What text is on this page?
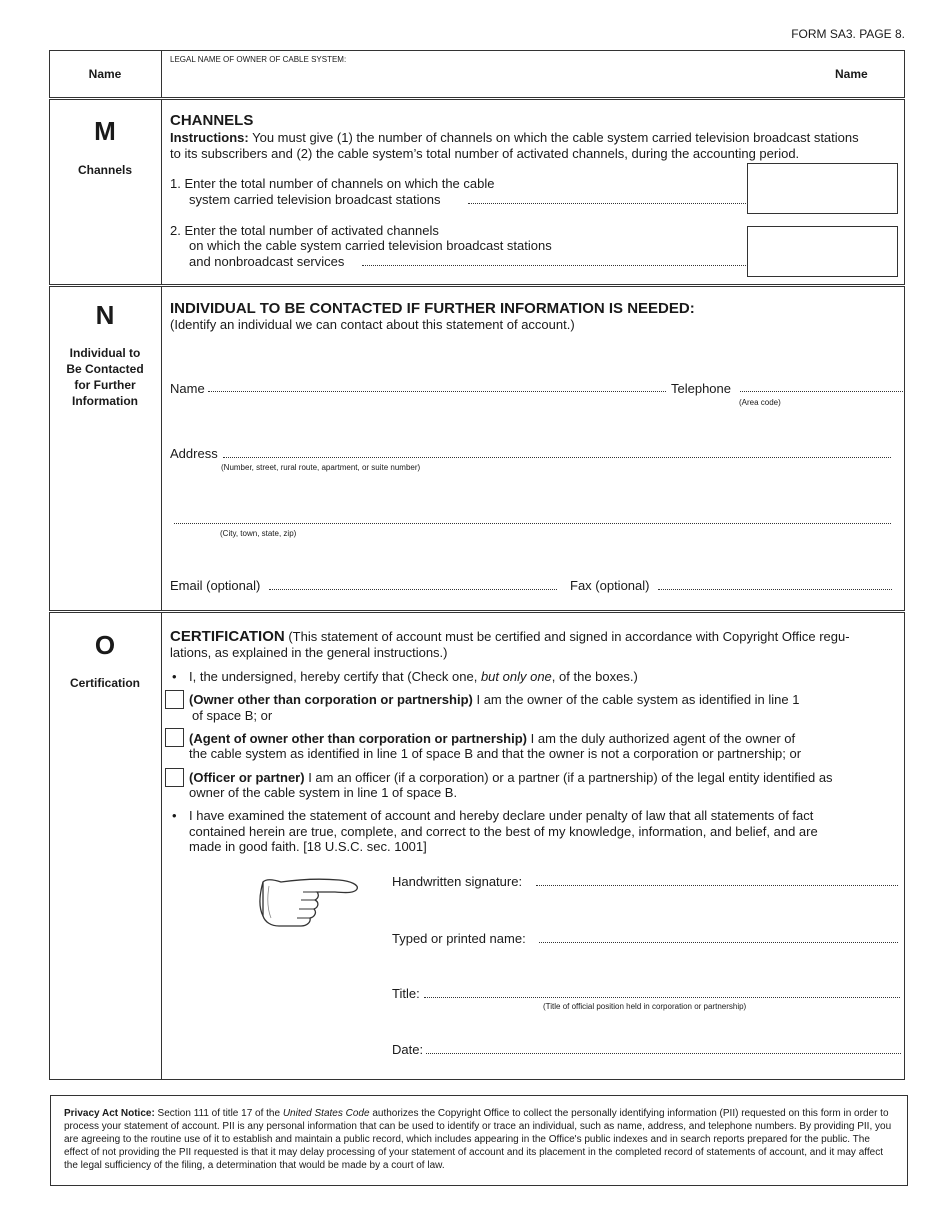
FORM SA3. PAGE 8.
Name
LEGAL NAME OF OWNER OF CABLE SYSTEM:
Name
M
Channels
CHANNELS
Instructions: You must give (1) the number of channels on which the cable system carried television broadcast stations
to its subscribers and (2) the cable system’s total number of activated channels, during the accounting period.
1. Enter the total number of channels on which the cable
system carried television broadcast stations
2. Enter the total number of activated channels
on which the cable system carried television broadcast stations
and nonbroadcast services
N
Individual to
Be Contacted
for Further
Information
INDIVIDUAL TO BE CONTACTED IF FURTHER INFORMATION IS NEEDED:
(Identify an individual we can contact about this statement of account.)
Name	Telephone
(Area code)
Address
(Number, street, rural route, apartment, or suite number)
(City, town, state, zip)
Email (optional)	Fax (optional)
O
Certification
CERTIFICATION (This statement of account must be certified and signed in accordance with Copyright Office regu-
lations, as explained in the general instructions.)
• I, the undersigned, hereby certify that (Check one, but only one, of the boxes.)
(Owner other than corporation or partnership) I am the owner of the cable system as identified in line 1
of space B; or
(Agent of owner other than corporation or partnership) I am the duly authorized agent of the owner of
the cable system as identified in line 1 of space B and that the owner is not a corporation or partnership; or
(Officer or partner) I am an officer (if a corporation) or a partner (if a partnership) of the legal entity identified as
owner of the cable system in line 1 of space B.
• I have examined the statement of account and hereby declare under penalty of law that all statements of fact
contained herein are true, complete, and correct to the best of my knowledge, information, and belief, and are
made in good faith. [18 U.S.C. sec. 1001]
Handwritten signature:
Typed or printed name:
Title:
(Title of official position held in corporation or partnership)
Date:
Privacy Act Notice: Section 111 of title 17 of the United States Code authorizes the Copyright Office to collect the personally identifying information (PII) requested on this form in order to process your statement of account. PII is any personal information that can be used to identify or trace an individual, such as name, address, and telephone numbers. By providing PII, you are agreeing to the routine use of it to establish and maintain a public record, which includes appearing in the Office's public indexes and in search reports prepared for the public. The effect of not providing the PII requested is that it may delay processing of your statement of account and its placement in the completed record of statements of account, and it may affect the legal sufficiency of the filing, a determination that would be made by a court of law.
